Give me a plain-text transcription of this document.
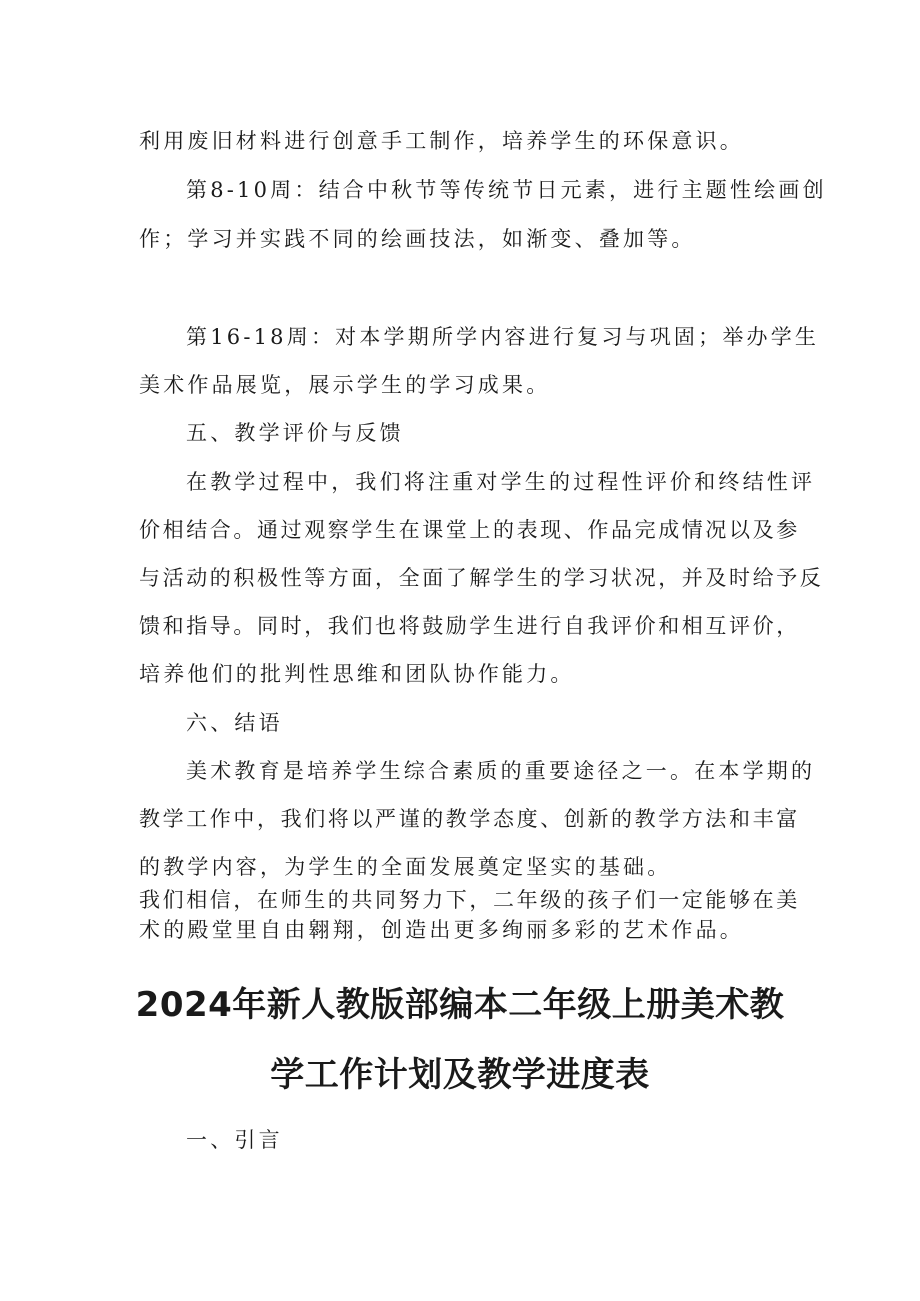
利用废旧材料进行创意手工制作，培养学生的环保意识。
第8-10周：结合中秋节等传统节日元素，进行主题性绘画创
作；学习并实践不同的绘画技法，如渐变、叠加等。
第16-18周：对本学期所学内容进行复习与巩固；举办学生
美术作品展览，展示学生的学习成果。
五、教学评价与反馈
在教学过程中，我们将注重对学生的过程性评价和终结性评
价相结合。通过观察学生在课堂上的表现、作品完成情况以及参
与活动的积极性等方面，全面了解学生的学习状况，并及时给予反
馈和指导。同时，我们也将鼓励学生进行自我评价和相互评价，
培养他们的批判性思维和团队协作能力。
六、结语
美术教育是培养学生综合素质的重要途径之一。在本学期的
教学工作中，我们将以严谨的教学态度、创新的教学方法和丰富
的教学内容，为学生的全面发展奠定坚实的基础。
我们相信，在师生的共同努力下，二年级的孩子们一定能够在美
术的殿堂里自由翱翔，创造出更多绚丽多彩的艺术作品。
2024年新人教版部编本二年级上册美术教
学工作计划及教学进度表
一、引言
